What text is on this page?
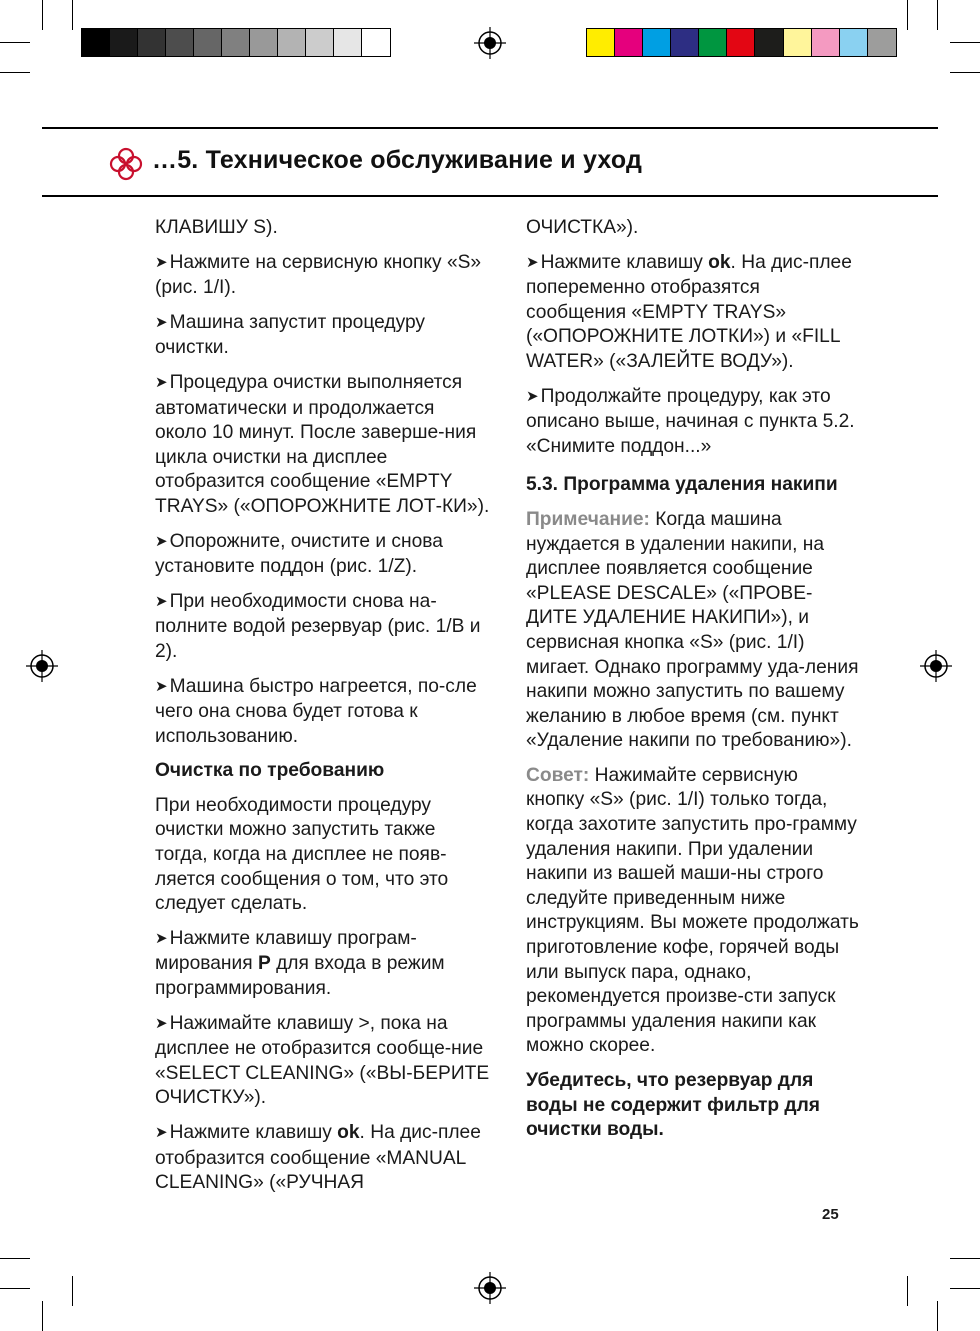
…5. Техническое обслуживание и уход

КЛАВИШУ S).

➤ Нажмите на сервисную кнопку «S» (рис. 1/I).

➤ Машина запустит процедуру очистки.

➤ Процедура очистки выполняется автоматически и продолжается около 10 минут. После заверше-ния цикла очистки на дисплее отобразится сообщение «EMPTY TRAYS» («ОПОРОЖНИТЕ ЛОТ-КИ»).

➤ Опорожните, очистите и снова установите поддон (рис. 1/Z).

➤ При необходимости снова на-полните водой резервуар (рис. 1/B и 2).

➤ Машина быстро нагреется, по-сле чего она снова будет готова к использованию.

Очистка по требованию

При необходимости процедуру очистки можно запустить также тогда, когда на дисплее не появ-ляется сообщения о том, что это следует сделать.

➤ Нажмите клавишу програм-мирования P для входа в режим программирования.

➤ Нажимайте клавишу >, пока на дисплее не отобразится сообще-ние «SELECT CLEANING» («ВЫ-БЕРИТЕ ОЧИСТКУ»).

➤ Нажмите клавишу ok. На дис-плее отобразится сообщение «MANUAL CLEANING» («РУЧНАЯ

ОЧИСТКА»).

➤ Нажмите клавишу ok. На дис-плее попеременно отобразятся сообщения «EMPTY TRAYS» («ОПОРОЖНИТЕ ЛОТКИ») и «FILL WATER» («ЗАЛЕЙТЕ ВОДУ»).

➤ Продолжайте процедуру, как это описано выше, начиная с пункта 5.2. «Снимите поддон...»

5.3. Программа удаления накипи

Примечание: Когда машина нуждается в удалении накипи, на дисплее появляется сообщение «PLEASE DESCALE» («ПРОВЕ-ДИТЕ УДАЛЕНИЕ НАКИПИ»), и сервисная кнопка «S» (рис. 1/I) мигает. Однако программу уда-ления накипи можно запустить по вашему желанию в любое время (см. пункт «Удаление накипи по требованию»).

Совет: Нажимайте сервисную кнопку «S» (рис. 1/I) только тогда, когда захотите запустить про-грамму удаления накипи. При удалении накипи из вашей маши-ны строго следуйте приведенным ниже инструкциям. Вы можете продолжать приготовление кофе, горячей воды или выпуск пара, однако, рекомендуется произве-сти запуск программы удаления накипи как можно скорее.

Убедитесь, что резервуар для воды не содержит фильтр для очистки воды.

25
